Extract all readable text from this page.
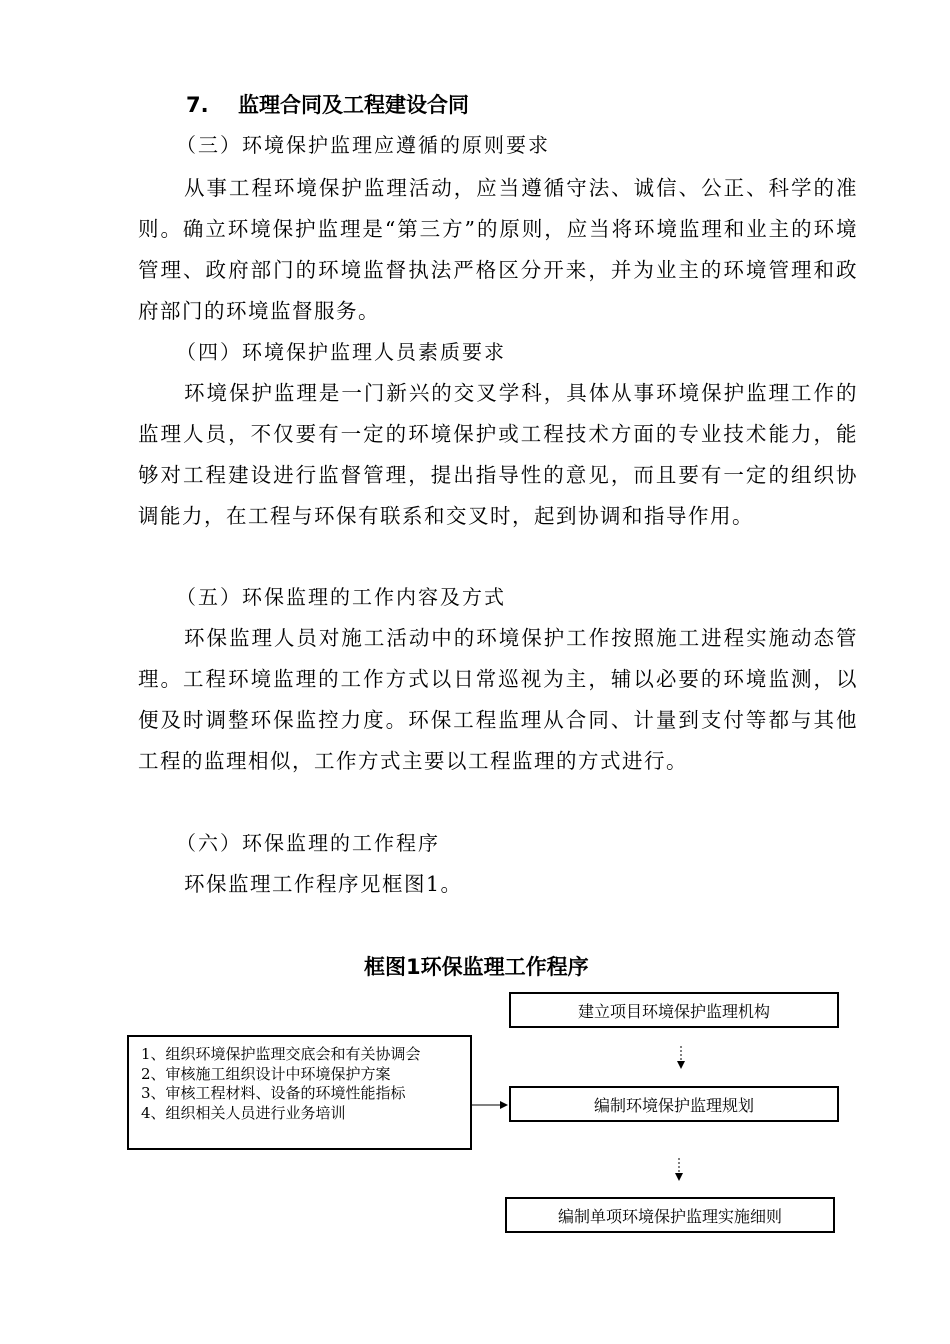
7. 监理合同及工程建设合同
（三）环境保护监理应遵循的原则要求

从事工程环境保护监理活动，应当遵循守法、诚信、公正、科学的准则。确立环境保护监理是“第三方”的原则，应当将环境监理和业主的环境管理、政府部门的环境监督执法严格区分开来，并为业主的环境管理和政府部门的环境监督服务。

（四）环境保护监理人员素质要求

环境保护监理是一门新兴的交叉学科，具体从事环境保护监理工作的监理人员，不仅要有一定的环境保护或工程技术方面的专业技术能力，能够对工程建设进行监督管理，提出指导性的意见，而且要有一定的组织协调能力，在工程与环保有联系和交叉时，起到协调和指导作用。

（五）环保监理的工作内容及方式

环保监理人员对施工活动中的环境保护工作按照施工进程实施动态管理。工程环境监理的工作方式以日常巡视为主，辅以必要的环境监测，以便及时调整环保监控力度。环保工程监理从合同、计量到支付等都与其他工程的监理相似，工作方式主要以工程监理的方式进行。

（六）环保监理的工作程序

环保监理工作程序见框图1。

框图1环保监理工作程序
建立项目环境保护监理机构
编制环境保护监理规划
编制单项环境保护监理实施细则
1、组织环境保护监理交底会和有关协调会
2、审核施工组织设计中环境保护方案
3、审核工程材料、设备的环境性能指标
4、组织相关人员进行业务培训
